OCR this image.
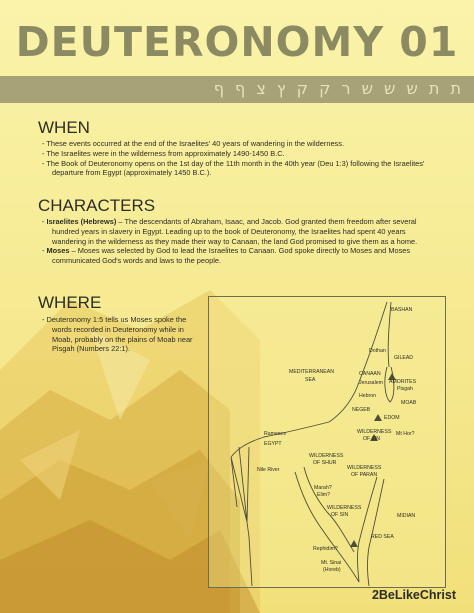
DEUTERONOMY 01
ת ת ש ש ש ר ק ק ץ צ ף ף
WHEN

- These events occurred at the end of the Israelites' 40 years of wandering in the wilderness.

- The Israelites were in the wilderness from approximately 1490-1450 B.C.

- The Book of Deuteronomy opens on the 1st day of the 11th month in the 40th year (Deu 1:3) following the Israelites' departure from Egypt (approximately 1450 B.C.).

CHARACTERS

- Israelites (Hebrews) – The descendants of Abraham, Isaac, and Jacob. God granted them freedom after several hundred years in slavery in Egypt. Leading up to the book of Deuteronomy, the Israelites had spent 40 years wandering in the wilderness as they made their way to Canaan, the land God promised to give them as a home.

- Moses – Moses was selected by God to lead the Israelites to Canaan. God spoke directly to Moses and Moses communicated God's words and laws to the people.

WHERE

- Deuteronomy 1:5 tells us Moses spoke the words recorded in Deuteronomy while in Moab, probably on the plains of Moab near Pisgah (Numbers 22:1).

BASHAN
Dothan
GILEAD
MEDITERRANEAN
SEA
CANAAN
Jerusalem AMORITES
Pisgah
Hebron
MOAB
NEGEB
EDOM
Rameses
EGYPT
WILDERNESS
OF ZIN
Mt Hor?
Nile River
WILDERNESS
OF SHUR
WILDERNESS
OF PARAN
Marah?
Elim?
WILDERNESS
OF SIN	MIDIAN
RED SEA
Rephidim?
Mt. Sinai
(Horeb)
2BeLikeChrist
